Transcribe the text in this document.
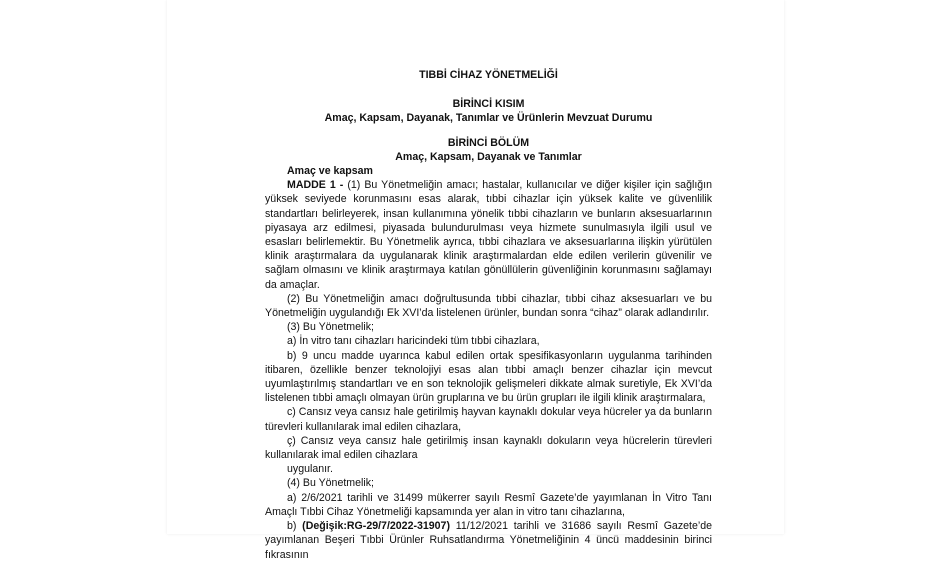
TIBBİ CİHAZ YÖNETMELİĞİ

BİRİNCİ KISIM

Amaç, Kapsam, Dayanak, Tanımlar ve Ürünlerin Mevzuat Durumu

BİRİNCİ BÖLÜM

Amaç, Kapsam, Dayanak ve Tanımlar

Amaç ve kapsam

MADDE 1 - (1) Bu Yönetmeliğin amacı; hastalar, kullanıcılar ve diğer kişiler için sağlığın yüksek seviyede korunmasını esas alarak, tıbbi cihazlar için yüksek kalite ve güvenlilik standartları belirleyerek, insan kullanımına yönelik tıbbi cihazların ve bunların aksesuarlarının piyasaya arz edilmesi, piyasada bulundurulması veya hizmete sunulmasıyla ilgili usul ve esasları belirlemektir. Bu Yönetmelik ayrıca, tıbbi cihazlara ve aksesuarlarına ilişkin yürütülen klinik araştırmalara da uygulanarak klinik araştırmalardan elde edilen verilerin güvenilir ve sağlam olmasını ve klinik araştırmaya katılan gönüllülerin güvenliğinin korunmasını sağlamayı da amaçlar.

(2) Bu Yönetmeliğin amacı doğrultusunda tıbbi cihazlar, tıbbi cihaz aksesuarları ve bu Yönetmeliğin uygulandığı Ek XVI’da listelenen ürünler, bundan sonra “cihaz” olarak adlandırılır.

(3) Bu Yönetmelik;

a) İn vitro tanı cihazları haricindeki tüm tıbbi cihazlara,

b) 9 uncu madde uyarınca kabul edilen ortak spesifikasyonların uygulanma tarihinden itibaren, özellikle benzer teknolojiyi esas alan tıbbi amaçlı benzer cihazlar için mevcut uyumlaştırılmış standartları ve en son teknolojik gelişmeleri dikkate almak suretiyle, Ek XVI’da listelenen tıbbi amaçlı olmayan ürün gruplarına ve bu ürün grupları ile ilgili klinik araştırmalara,

c) Cansız veya cansız hale getirilmiş hayvan kaynaklı dokular veya hücreler ya da bunların türevleri kullanılarak imal edilen cihazlara,

ç) Cansız veya cansız hale getirilmiş insan kaynaklı dokuların veya hücrelerin türevleri kullanılarak imal edilen cihazlara

uygulanır.

(4) Bu Yönetmelik;

a) 2/6/2021 tarihli ve 31499 mükerrer sayılı Resmî Gazete’de yayımlanan İn Vitro Tanı Amaçlı Tıbbi Cihaz Yönetmeliği kapsamında yer alan in vitro tanı cihazlarına,

b) (Değişik:RG-29/7/2022-31907) 11/12/2021 tarihli ve 31686 sayılı Resmî Gazete’de yayımlanan Beşeri Tıbbi Ürünler Ruhsatlandırma Yönetmeliğinin 4 üncü maddesinin birinci fıkrasının
